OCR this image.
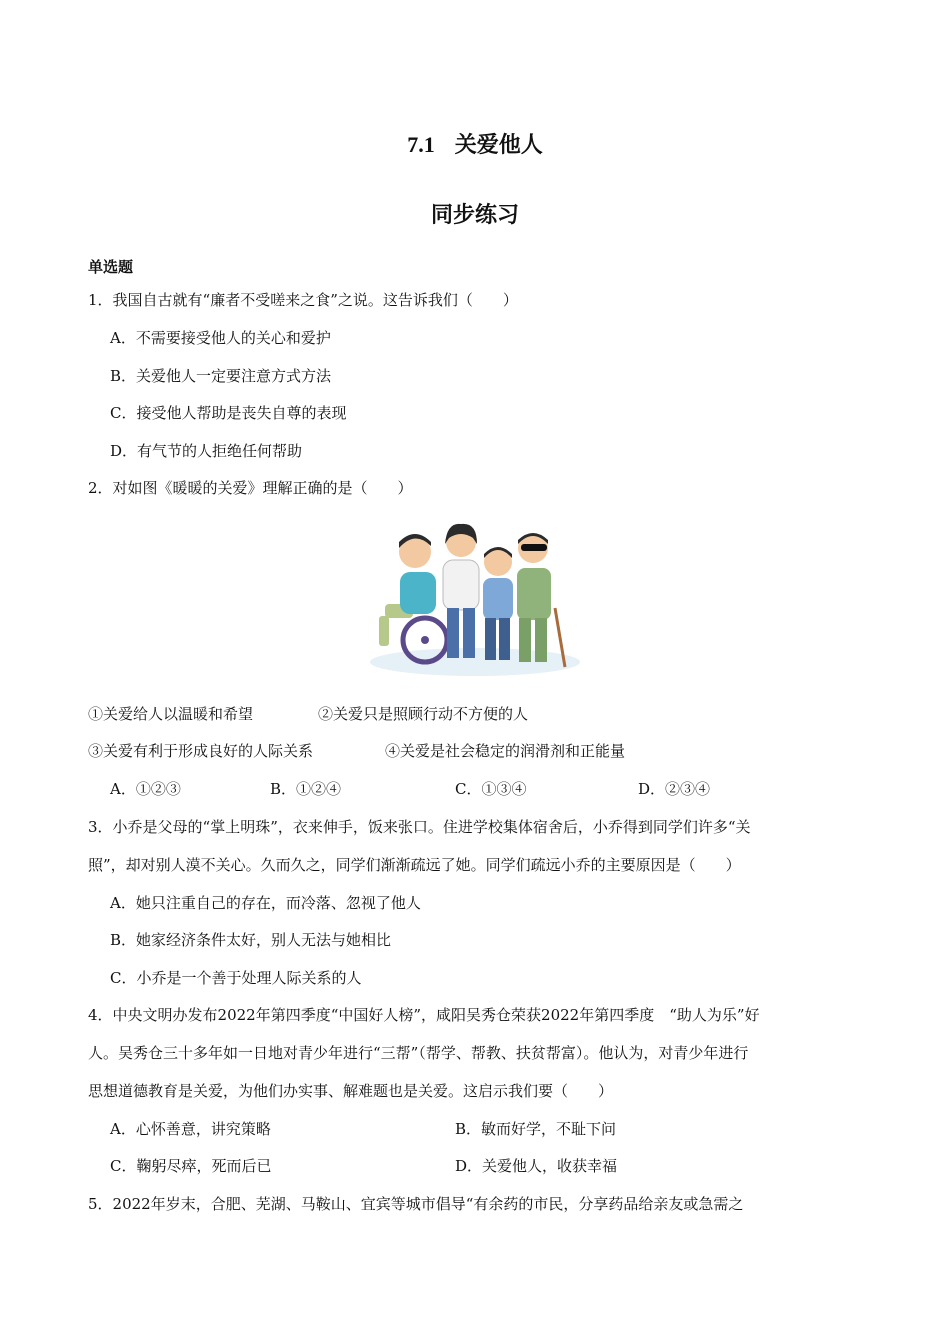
7.1 关爱他人
同步练习
单选题
1．我国自古就有“廉者不受嗟来之食”之说。这告诉我们（　　）
A．不需要接受他人的关心和爱护
B．关爱他人一定要注意方式方法
C．接受他人帮助是丧失自尊的表现
D．有气节的人拒绝任何帮助
2．对如图《暖暖的关爱》理解正确的是（　　）
①关爱给人以温暖和希望	②关爱只是照顾行动不方便的人
③关爱有利于形成良好的人际关系	④关爱是社会稳定的润滑剂和正能量
A．①②③	B．①②④	C．①③④	D．②③④
3．小乔是父母的“掌上明珠”，衣来伸手，饭来张口。住进学校集体宿舍后，小乔得到同学们许多“关
照”，却对别人漠不关心。久而久之，同学们渐渐疏远了她。同学们疏远小乔的主要原因是（　　）
A．她只注重自己的存在，而冷落、忽视了他人
B．她家经济条件太好，别人无法与她相比
C．小乔是一个善于处理人际关系的人
4．中央文明办发布2022年第四季度“中国好人榜”，咸阳吴秀仓荣获2022年第四季度　“助人为乐”好
人。吴秀仓三十多年如一日地对青少年进行“三帮”（帮学、帮教、扶贫帮富）。他认为，对青少年进行
思想道德教育是关爱，为他们办实事、解难题也是关爱。这启示我们要（　　）
A．心怀善意，讲究策略	B．敏而好学，不耻下问
C．鞠躬尽瘁，死而后已	D．关爱他人，收获幸福
5．2022年岁末，合肥、芜湖、马鞍山、宜宾等城市倡导“有余药的市民，分享药品给亲友或急需之
